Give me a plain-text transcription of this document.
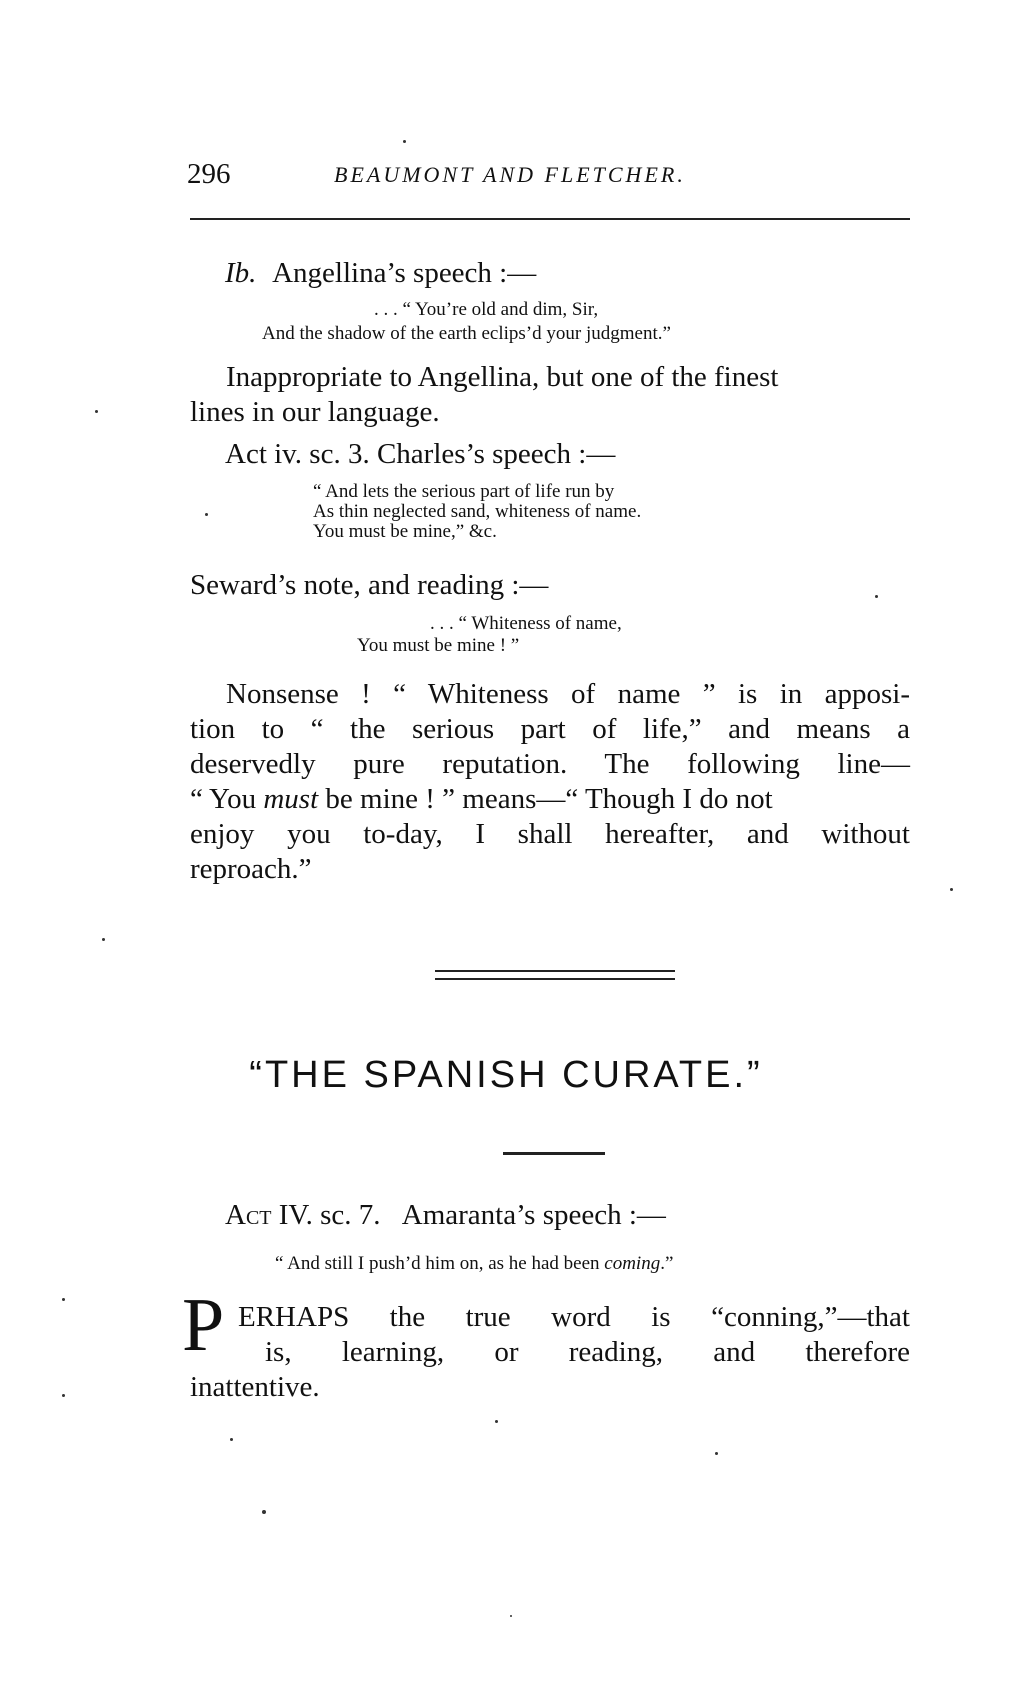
296	BEAUMONT AND FLETCHER.
Ib. Angellina’s speech :—
. . . “ You’re old and dim, Sir,
And the shadow of the earth eclips’d your judgment.”
Inappropriate to Angellina, but one of the finest
lines in our language.
Act iv. sc. 3. Charles’s speech :—
“ And lets the serious part of life run by
As thin neglected sand, whiteness of name.
You must be mine,” &c.
Seward’s note, and reading :—
. . . “ Whiteness of name,
You must be mine ! ”
Nonsense ! “ Whiteness of name ” is in apposi-
tion to “ the serious part of life,” and means a
deservedly pure reputation. The following line—
“ You must be mine ! ” means—“ Though I do not
enjoy you to-day, I shall hereafter, and without
reproach.”
“THE SPANISH CURATE.”
Act IV. sc. 7. Amaranta’s speech :—
“ And still I push’d him on, as he had been coming.”
P ERHAPS the true word is “conning,”—that
is, learning, or reading, and therefore
inattentive.
